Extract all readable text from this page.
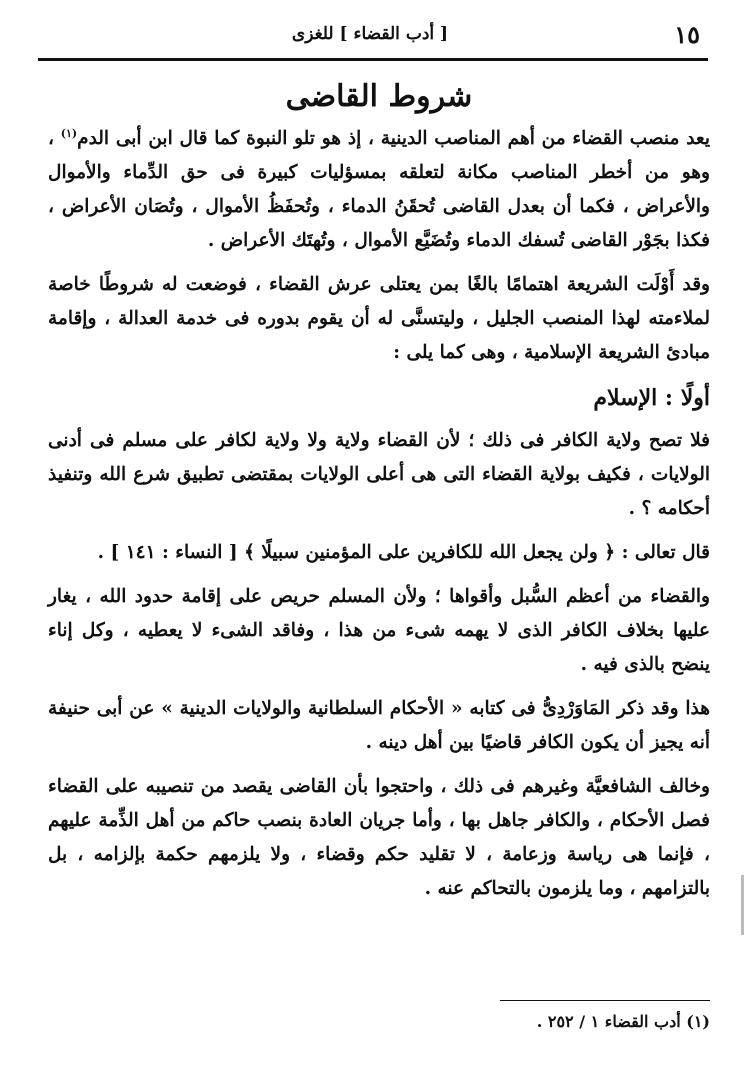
١٥
[ أدب القضاء ] للغزى
شروط القاضى

يعد منصب القضاء من أهم المناصب الدينية ، إذ هو تلو النبوة كما قال ابن أبى الدم$^{(١)}$ ، وهو من أخطر المناصب مكانة لتعلقه بمسؤليات كبيرة فى حق الدِّماء والأموال والأعراض ، فكما أن بعدل القاضى تُحقَنُ الدماء ، وتُحفَظُ الأموال ، وتُصَان الأعراض ، فكذا بجَوْر القاضى تُسفك الدماء وتُضَيَّع الأموال ، وتُهتَك الأعراض .

وقد أَوْلَت الشريعة اهتمامًا بالغًا بمن يعتلى عرش القضاء ، فوضعت له شروطًا خاصة لملاءمته لهذا المنصب الجليل ، وليتسنَّى له أن يقوم بدوره فى خدمة العدالة ، وإقامة مبادئ الشريعة الإسلامية ، وهى كما يلى :

أولًا : الإسلام

فلا تصح ولاية الكافر فى ذلك ؛ لأن القضاء ولاية ولا ولاية لكافر على مسلم فى أدنى الولايات ، فكيف بولاية القضاء التى هى أعلى الولايات بمقتضى تطبيق شرع الله وتنفيذ أحكامه ؟ .

قال تعالى : ﴿ ولن يجعل الله للكافرين على المؤمنين سبيلًا ﴾ [ النساء : ١٤١ ] .

والقضاء من أعظم السُّبل وأقواها ؛ ولأن المسلم حريص على إقامة حدود الله ، يغار عليها بخلاف الكافر الذى لا يهمه شىء من هذا ، وفاقد الشىء لا يعطيه ، وكل إناء ينضح بالذى فيه .

هذا وقد ذكر المَاوَرْدِىُّ فى كتابه « الأحكام السلطانية والولايات الدينية » عن أبى حنيفة أنه يجيز أن يكون الكافر قاضيًا بين أهل دينه .

وخالف الشافعيَّة وغيرهم فى ذلك ، واحتجوا بأن القاضى يقصد من تنصيبه على القضاء فصل الأحكام ، والكافر جاهل بها ، وأما جريان العادة بنصب حاكم من أهل الذِّمة عليهم ، فإنما هى رياسة وزعامة ، لا تقليد حكم وقضاء ، ولا يلزمهم حكمة بإلزامه ، بل بالتزامهم ، وما يلزمون بالتحاكم عنه .

(١) أدب القضاء ١ / ٢٥٢ .
